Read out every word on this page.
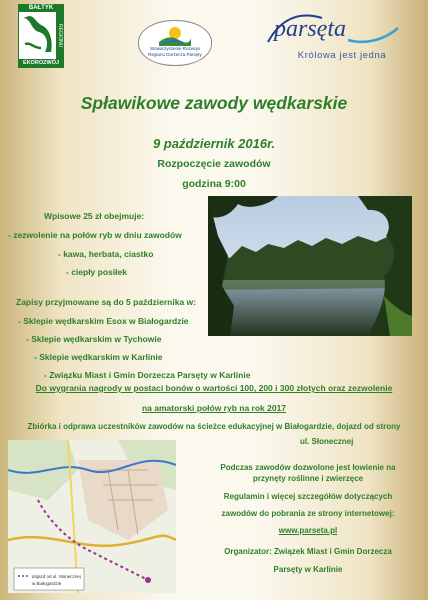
BAŁTYK
REGIONU
EKOROZWÓJ
Stowarzyszenie Rozwoju
Regionu Dorzecza Parsęty
parsęta
Królowa jest jedna
Spławikowe zawody wędkarskie
9 październik 2016r.
Rozpoczęcie zawodów
godzina 9:00
Wpisowe 25 zł obejmuje:
- zezwolenie na połów ryb w dniu zawodów
- kawa, herbata, ciastko
- ciepły posiłek
Zapisy przyjmowane są do 5 października w:
- Sklepie wędkarskim Esox w Białogardzie
- Sklepie wędkarskim w Tychowie
- Sklepie wędkarskim w Karlinie
- Związku Miast i Gmin Dorzecza Parsęty w Karlinie
Do wygrania nagrody w postaci bonów o wartości 100, 200 i 300 złotych oraz zezwolenie
na amatorski połów ryb na rok 2017
Zbiórka i odprawa uczestników zawodów na ścieżce edukacyjnej w Białogardzie, dojazd od strony
ul. Słonecznej
dojazd od ul. Słonecznej
w Białogardzie
Podczas zawodów dozwolone jest łowienie na
przynęty roślinne i zwierzęce
Regulamin i więcej szczegółów dotyczących
zawodów do pobrania ze strony internetowej:
www.parseta.pl
Organizator: Związek Miast i Gmin Dorzecza
Parsęty w Karlinie
